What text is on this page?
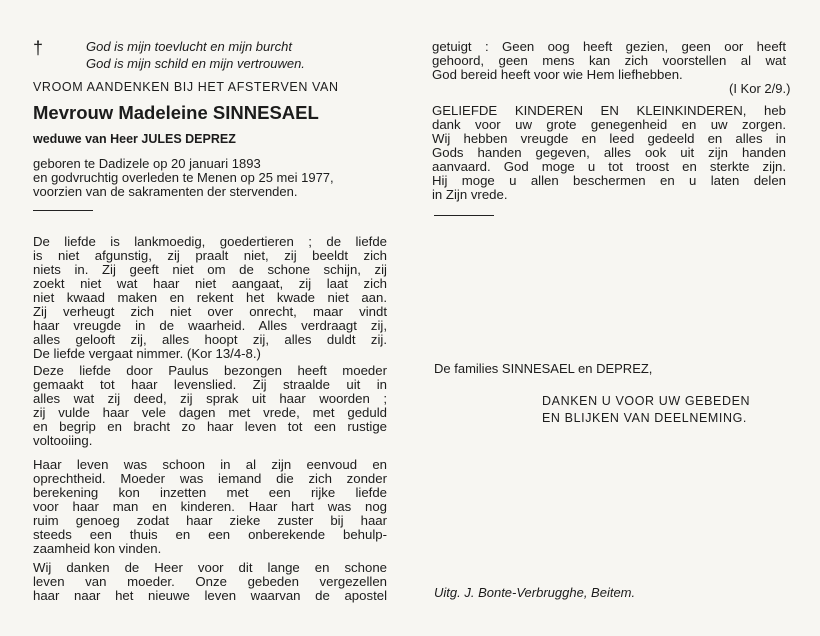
†	God is mijn toevlucht en mijn burcht
God is mijn schild en mijn vertrouwen.
VROOM AANDENKEN BIJ HET AFSTERVEN VAN
Mevrouw Madeleine SINNESAEL
weduwe van Heer JULES DEPREZ
geboren te Dadizele op 20 januari 1893
en godvruchtig overleden te Menen op 25 mei 1977,
voorzien van de sakramenten der stervenden.
De liefde is lankmoedig, goedertieren ; de liefde
is niet afgunstig, zij praalt niet, zij beeldt zich
niets in. Zij geeft niet om de schone schijn, zij
zoekt niet wat haar niet aangaat, zij laat zich
niet kwaad maken en rekent het kwade niet aan.
Zij verheugt zich niet over onrecht, maar vindt
haar vreugde in de waarheid. Alles verdraagt zij,
alles gelooft zij, alles hoopt zij, alles duldt zij.
De liefde vergaat nimmer. (Kor 13/4-8.)
Deze liefde door Paulus bezongen heeft moeder
gemaakt tot haar levenslied. Zij straalde uit in
alles wat zij deed, zij sprak uit haar woorden ;
zij vulde haar vele dagen met vrede, met geduld
en begrip en bracht zo haar leven tot een rustige
voltooiing.
Haar leven was schoon in al zijn eenvoud en
oprechtheid. Moeder was iemand die zich zonder
berekening kon inzetten met een rijke liefde
voor haar man en kinderen. Haar hart was nog
ruim genoeg zodat haar zieke zuster bij haar
steeds een thuis en een onberekende behulp-
zaamheid kon vinden.
Wij danken de Heer voor dit lange en schone
leven van moeder. Onze gebeden vergezellen
haar naar het nieuwe leven waarvan de apostel
getuigt : Geen oog heeft gezien, geen oor heeft
gehoord, geen mens kan zich voorstellen al wat
God bereid heeft voor wie Hem liefhebben.
(I Kor 2/9.)
GELIEFDE KINDEREN EN KLEINKINDEREN, heb
dank voor uw grote genegenheid en uw zorgen.
Wij hebben vreugde en leed gedeeld en alles in
Gods handen gegeven, alles ook uit zijn handen
aanvaard. God moge u tot troost en sterkte zijn.
Hij moge u allen beschermen en u laten delen
in Zijn vrede.
De families SINNESAEL en DEPREZ,
DANKEN U VOOR UW GEBEDEN
EN BLIJKEN VAN DEELNEMING.
Uitg. J. Bonte-Verbrugghe, Beitem.
